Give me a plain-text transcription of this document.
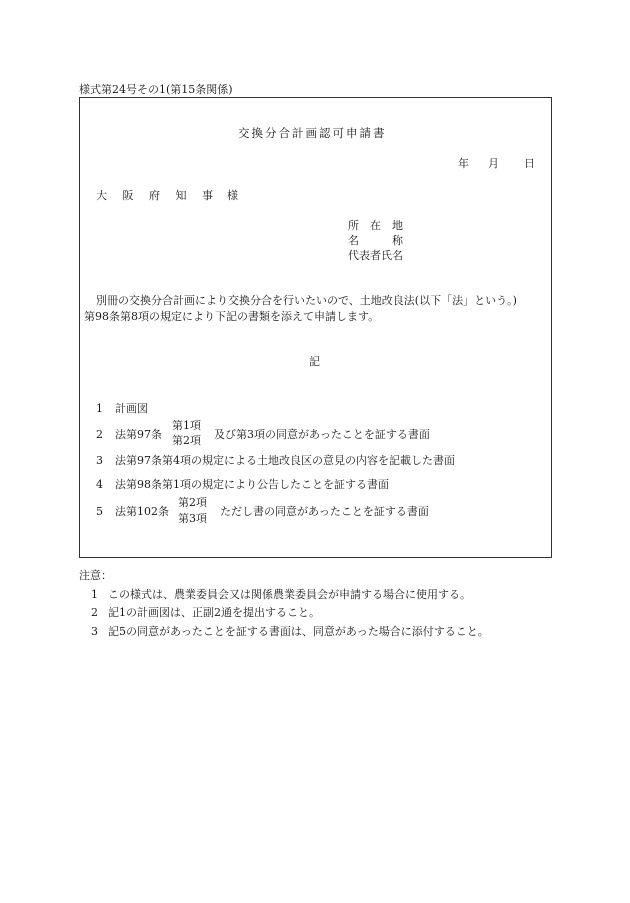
様式第24号その1(第15条関係)
交換分合計画認可申請書
年 月 日
大 阪 府 知 事 様
所　在　地
名　　　称
代表者氏名
別冊の交換分合計画により交換分合を行いたいので、土地改良法(以下「法」という。)
第98条第8項の規定により下記の書類を添えて申請します。
記
1 計画図
2 法第97条
第1項
第2項 及び第3項の同意があったことを証する書面
3 法第97条第4項の規定による土地改良区の意見の内容を記載した書面
4 法第98条第1項の規定により公告したことを証する書面
5 法第102条
第2項
第3項
ただし書の同意があったことを証する書面
注意：
1 この様式は、農業委員会又は関係農業委員会が申請する場合に使用する。
2 記1の計画図は、正副2通を提出すること。
3 記5の同意があったことを証する書面は、同意があった場合に添付すること。
